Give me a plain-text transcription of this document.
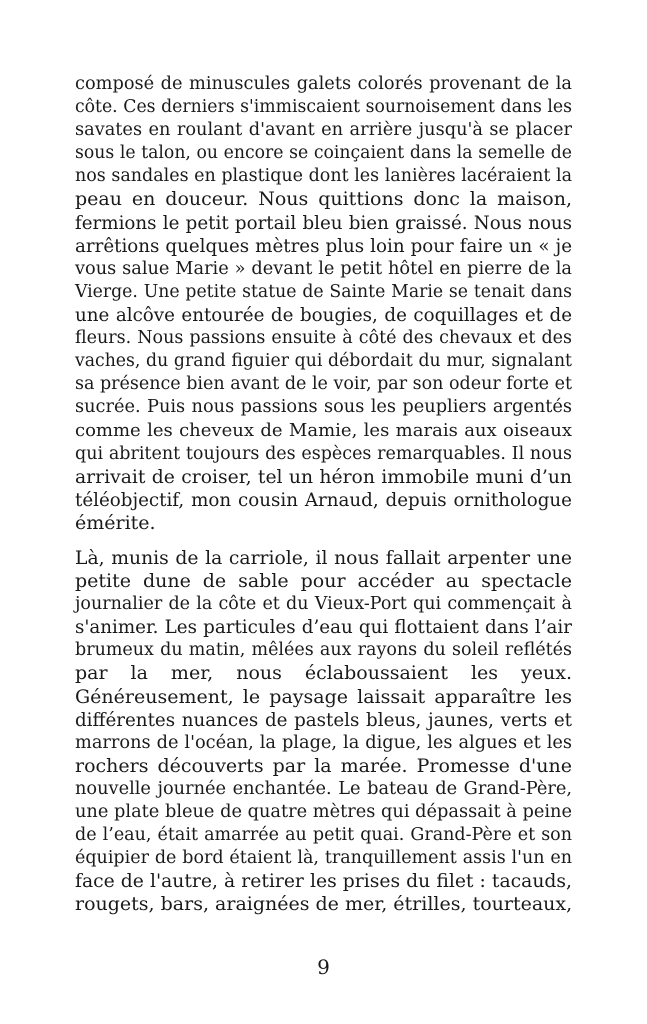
composé de minuscules galets colorés provenant de la
côte. Ces derniers s'immiscaient sournoisement dans les
savates en roulant d'avant en arrière jusqu'à se placer
sous le talon, ou encore se coinçaient dans la semelle de
nos sandales en plastique dont les lanières lacéraient la
peau en douceur. Nous quittions donc la maison,
fermions le petit portail bleu bien graissé. Nous nous
arrêtions quelques mètres plus loin pour faire un « je
vous salue Marie » devant le petit hôtel en pierre de la
Vierge. Une petite statue de Sainte Marie se tenait dans
une alcôve entourée de bougies, de coquillages et de
fleurs. Nous passions ensuite à côté des chevaux et des
vaches, du grand figuier qui débordait du mur, signalant
sa présence bien avant de le voir, par son odeur forte et
sucrée. Puis nous passions sous les peupliers argentés
comme les cheveux de Mamie, les marais aux oiseaux
qui abritent toujours des espèces remarquables. Il nous
arrivait de croiser, tel un héron immobile muni d’un
téléobjectif, mon cousin Arnaud, depuis ornithologue
émérite.
Là, munis de la carriole, il nous fallait arpenter une
petite dune de sable pour accéder au spectacle
journalier de la côte et du Vieux-Port qui commençait à
s'animer. Les particules d’eau qui flottaient dans l’air
brumeux du matin, mêlées aux rayons du soleil reflétés
par la mer, nous éclaboussaient les yeux.
Généreusement, le paysage laissait apparaître les
différentes nuances de pastels bleus, jaunes, verts et
marrons de l'océan, la plage, la digue, les algues et les
rochers découverts par la marée. Promesse d'une
nouvelle journée enchantée. Le bateau de Grand-Père,
une plate bleue de quatre mètres qui dépassait à peine
de l’eau, était amarrée au petit quai. Grand-Père et son
équipier de bord étaient là, tranquillement assis l'un en
face de l'autre, à retirer les prises du filet : tacauds,
rougets, bars, araignées de mer, étrilles, tourteaux,
9
